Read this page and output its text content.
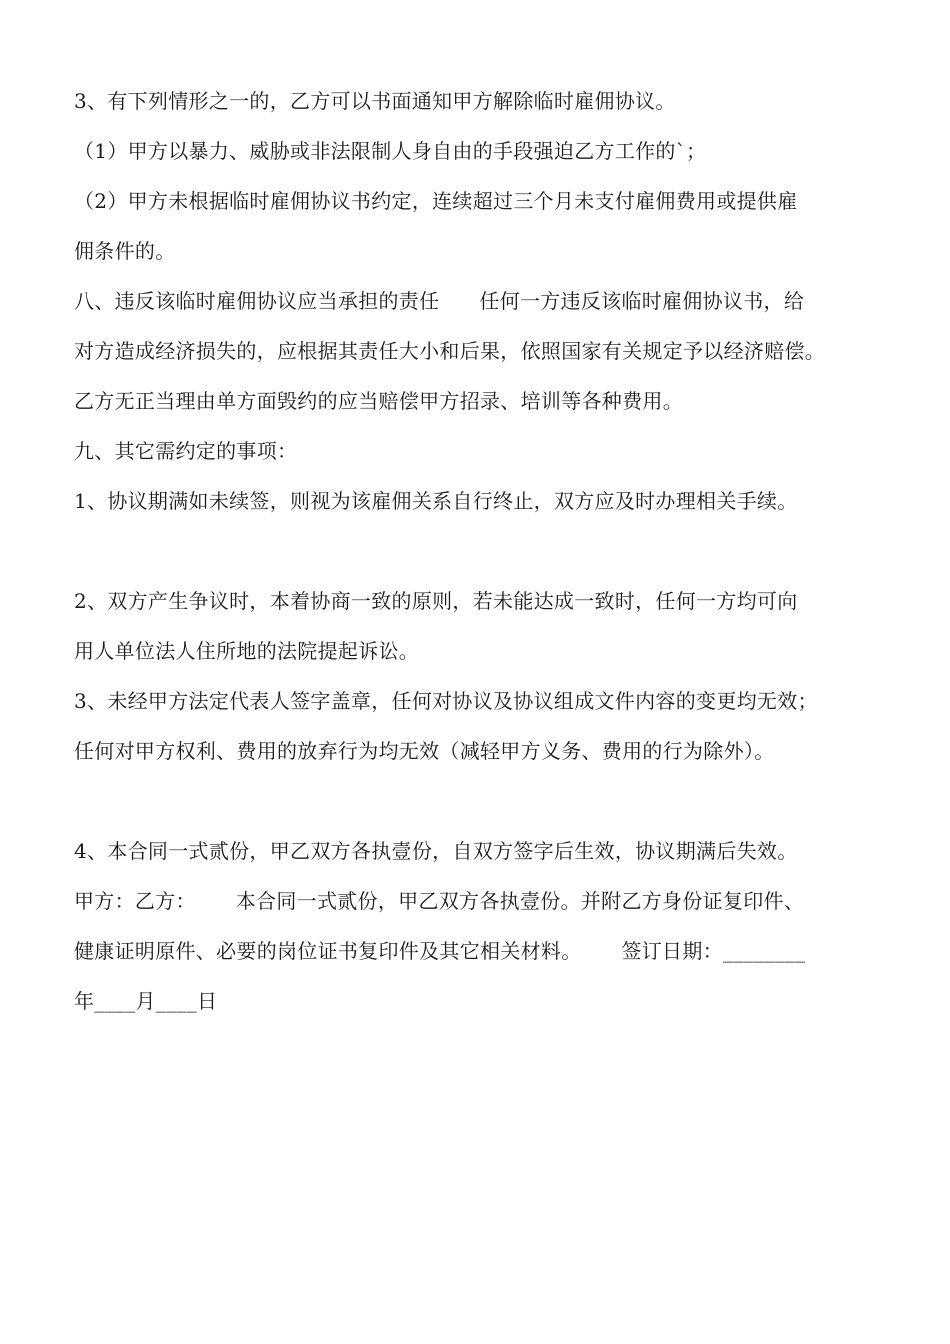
3、有下列情形之一的，乙方可以书面通知甲方解除临时雇佣协议。
（1）甲方以暴力、威胁或非法限制人身自由的手段强迫乙方工作的`；
（2）甲方未根据临时雇佣协议书约定，连续超过三个月未支付雇佣费用或提供雇
佣条件的。
八、违反该临时雇佣协议应当承担的责任      任何一方违反该临时雇佣协议书，给
对方造成经济损失的，应根据其责任大小和后果，依照国家有关规定予以经济赔偿。
乙方无正当理由单方面毁约的应当赔偿甲方招录、培训等各种费用。
九、其它需约定的事项：
1、协议期满如未续签，则视为该雇佣关系自行终止，双方应及时办理相关手续。
2、双方产生争议时，本着协商一致的原则，若未能达成一致时，任何一方均可向
用人单位法人住所地的法院提起诉讼。
3、未经甲方法定代表人签字盖章，任何对协议及协议组成文件内容的变更均无效；
任何对甲方权利、费用的放弃行为均无效（减轻甲方义务、费用的行为除外）。
4、本合同一式贰份，甲乙双方各执壹份，自双方签字后生效，协议期满后失效。
甲方：乙方：      本合同一式贰份，甲乙双方各执壹份。并附乙方身份证复印件、
健康证明原件、必要的岗位证书复印件及其它相关材料。      签订日期：________
年____月____日
